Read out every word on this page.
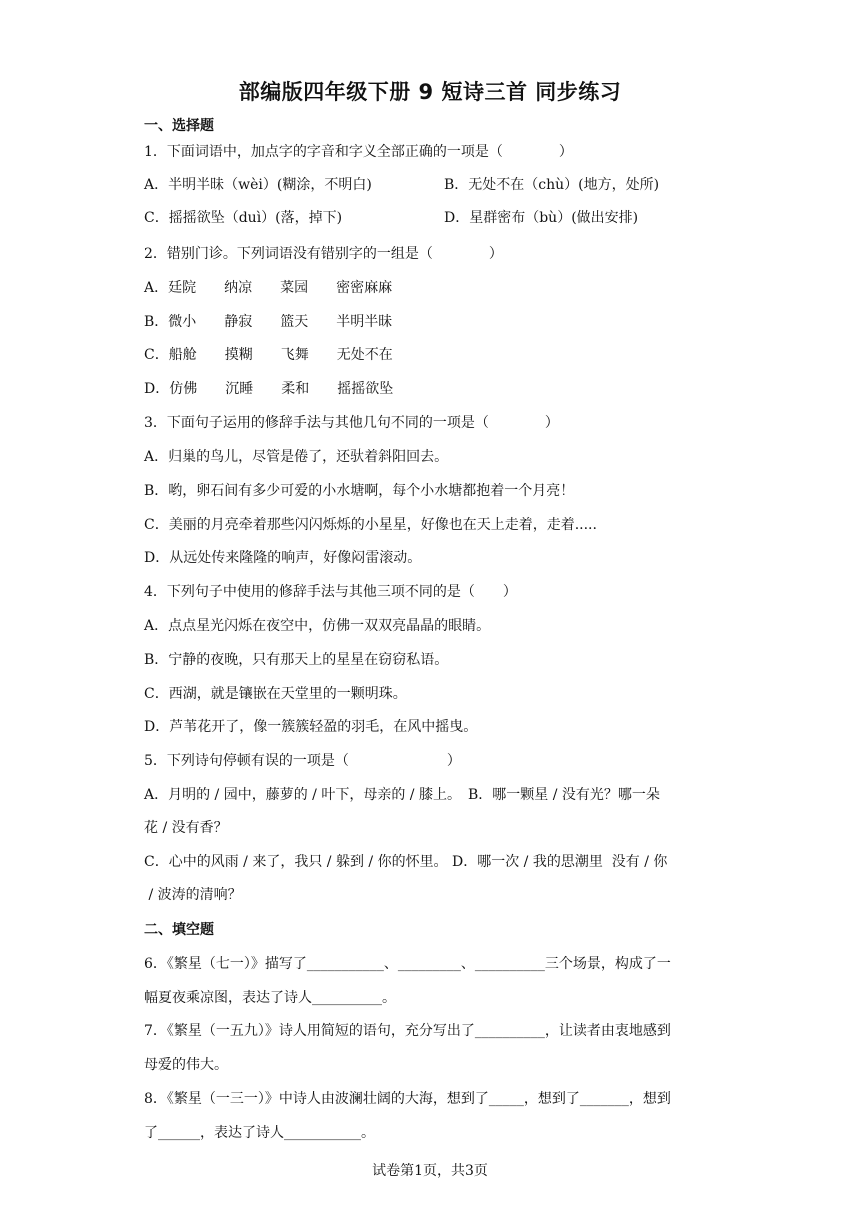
部编版四年级下册 9 短诗三首 同步练习
一、选择题
1．下面词语中，加点字的字音和字义全部正确的一项是（　　　　）
A．半明半昧（wèi）(糊涂，不明白)	B．无处不在（chù）(地方，处所)
C．摇摇欲坠（duì）(落，掉下)	D．星群密布（bù）(做出安排)
2．错别门诊。下列词语没有错别字的一组是（　　　　）
A．廷院　　纳凉　　菜园　　密密麻麻
B．微小　　静寂　　篮天　　半明半昧
C．船舱　　摸糊　　飞舞　　无处不在
D．仿佛　　沉睡　　柔和　　摇摇欲坠
3．下面句子运用的修辞手法与其他几句不同的一项是（　　　　）
A．归巢的鸟儿，尽管是倦了，还驮着斜阳回去。
B．哟，卵石间有多少可爱的小水塘啊，每个小水塘都抱着一个月亮！
C．美丽的月亮牵着那些闪闪烁烁的小星星，好像也在天上走着，走着.....
D．从远处传来隆隆的响声，好像闷雷滚动。
4．下列句子中使用的修辞手法与其他三项不同的是（　　）
A．点点星光闪烁在夜空中，仿佛一双双亮晶晶的眼睛。
B．宁静的夜晚，只有那天上的星星在窃窃私语。
C．西湖，就是镶嵌在天堂里的一颗明珠。
D．芦苇花开了，像一簇簇轻盈的羽毛，在风中摇曳。
5．下列诗句停顿有误的一项是（　　　　　　　）
A．月明的 / 园中，藤萝的 / 叶下，母亲的 / 膝上。　B．哪一颗星 / 没有光？哪一朵
花 / 没有香？
C．心中的风雨 / 来了，我只 / 躲到 / 你的怀里。 D．哪一次 / 我的思潮里  没有 / 你
/ 波涛的清响？
二、填空题
6．《繁星（七一）》描写了___________、_________、__________三个场景，构成了一
幅夏夜乘凉图，表达了诗人__________。
7．《繁星（一五九）》诗人用简短的语句，充分写出了__________，让读者由衷地感到
母爱的伟大。
8．《繁星（一三一）》中诗人由波澜壮阔的大海，想到了_____，想到了_______，想到
了______，表达了诗人___________。
试卷第1页，共3页
